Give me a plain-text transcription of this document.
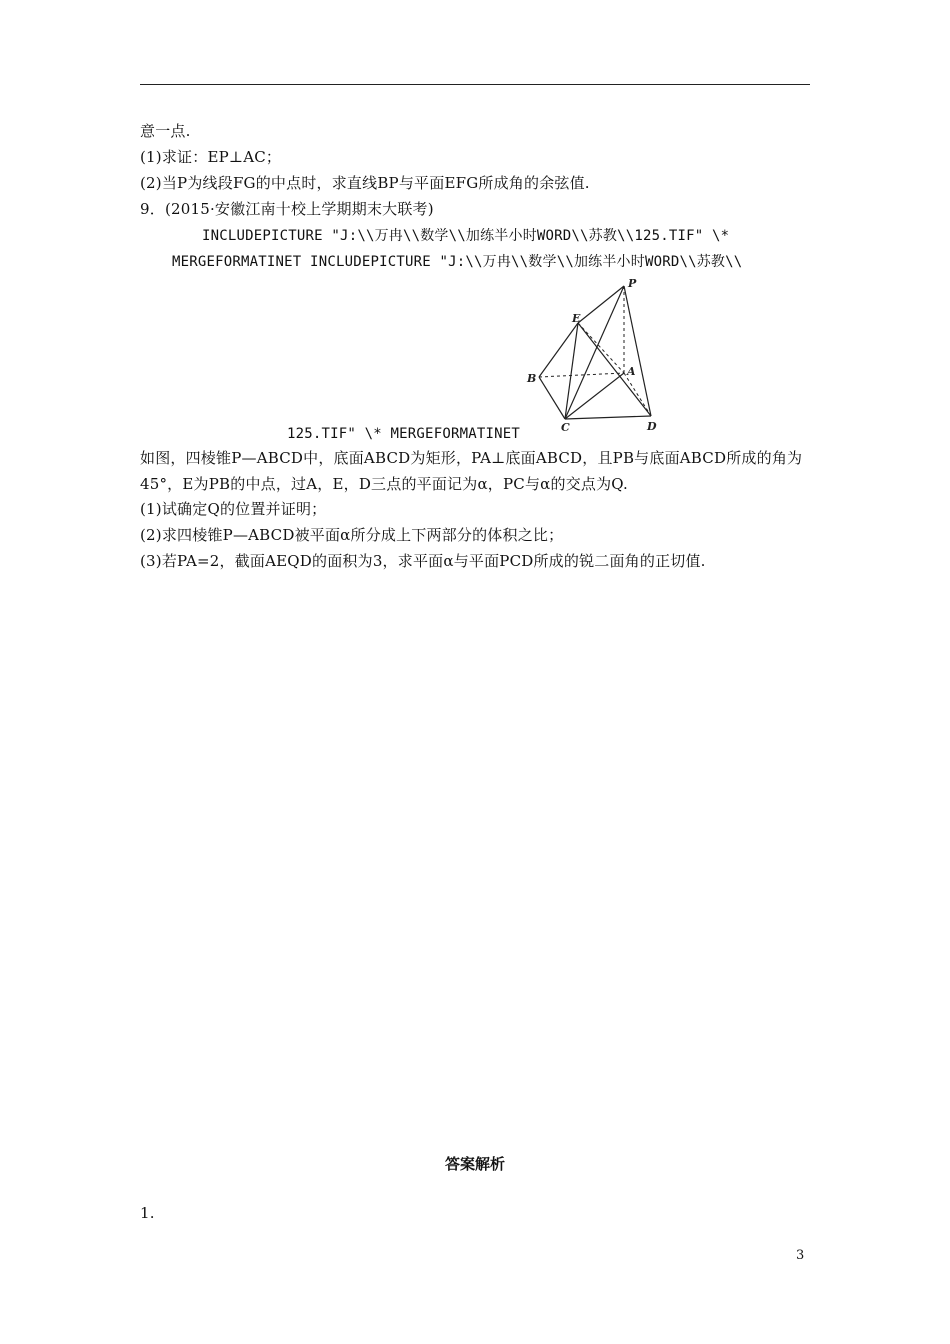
意一点.
(1)求证：EP⊥AC；
(2)当P为线段FG的中点时，求直线BP与平面EFG所成角的余弦值.
9．(2015·安徽江南十校上学期期末大联考)
INCLUDEPICTURE "J:\\万冉\\数学\\加练半小时WORD\\苏教\\125.TIF" \*
MERGEFORMATINET INCLUDEPICTURE "J:\\万冉\\数学\\加练半小时WORD\\苏教\\
P
E
A
B
C	D
125.TIF" \* MERGEFORMATINET
如图，四棱锥P—ABCD中，底面ABCD为矩形，PA⊥底面ABCD，且PB与底面ABCD所成的角为
45°，E为PB的中点，过A，E，D三点的平面记为α，PC与α的交点为Q.
(1)试确定Q的位置并证明；
(2)求四棱锥P—ABCD被平面α所分成上下两部分的体积之比；
(3)若PA=2，截面AEQD的面积为3，求平面α与平面PCD所成的锐二面角的正切值.
答案解析
1.
3
